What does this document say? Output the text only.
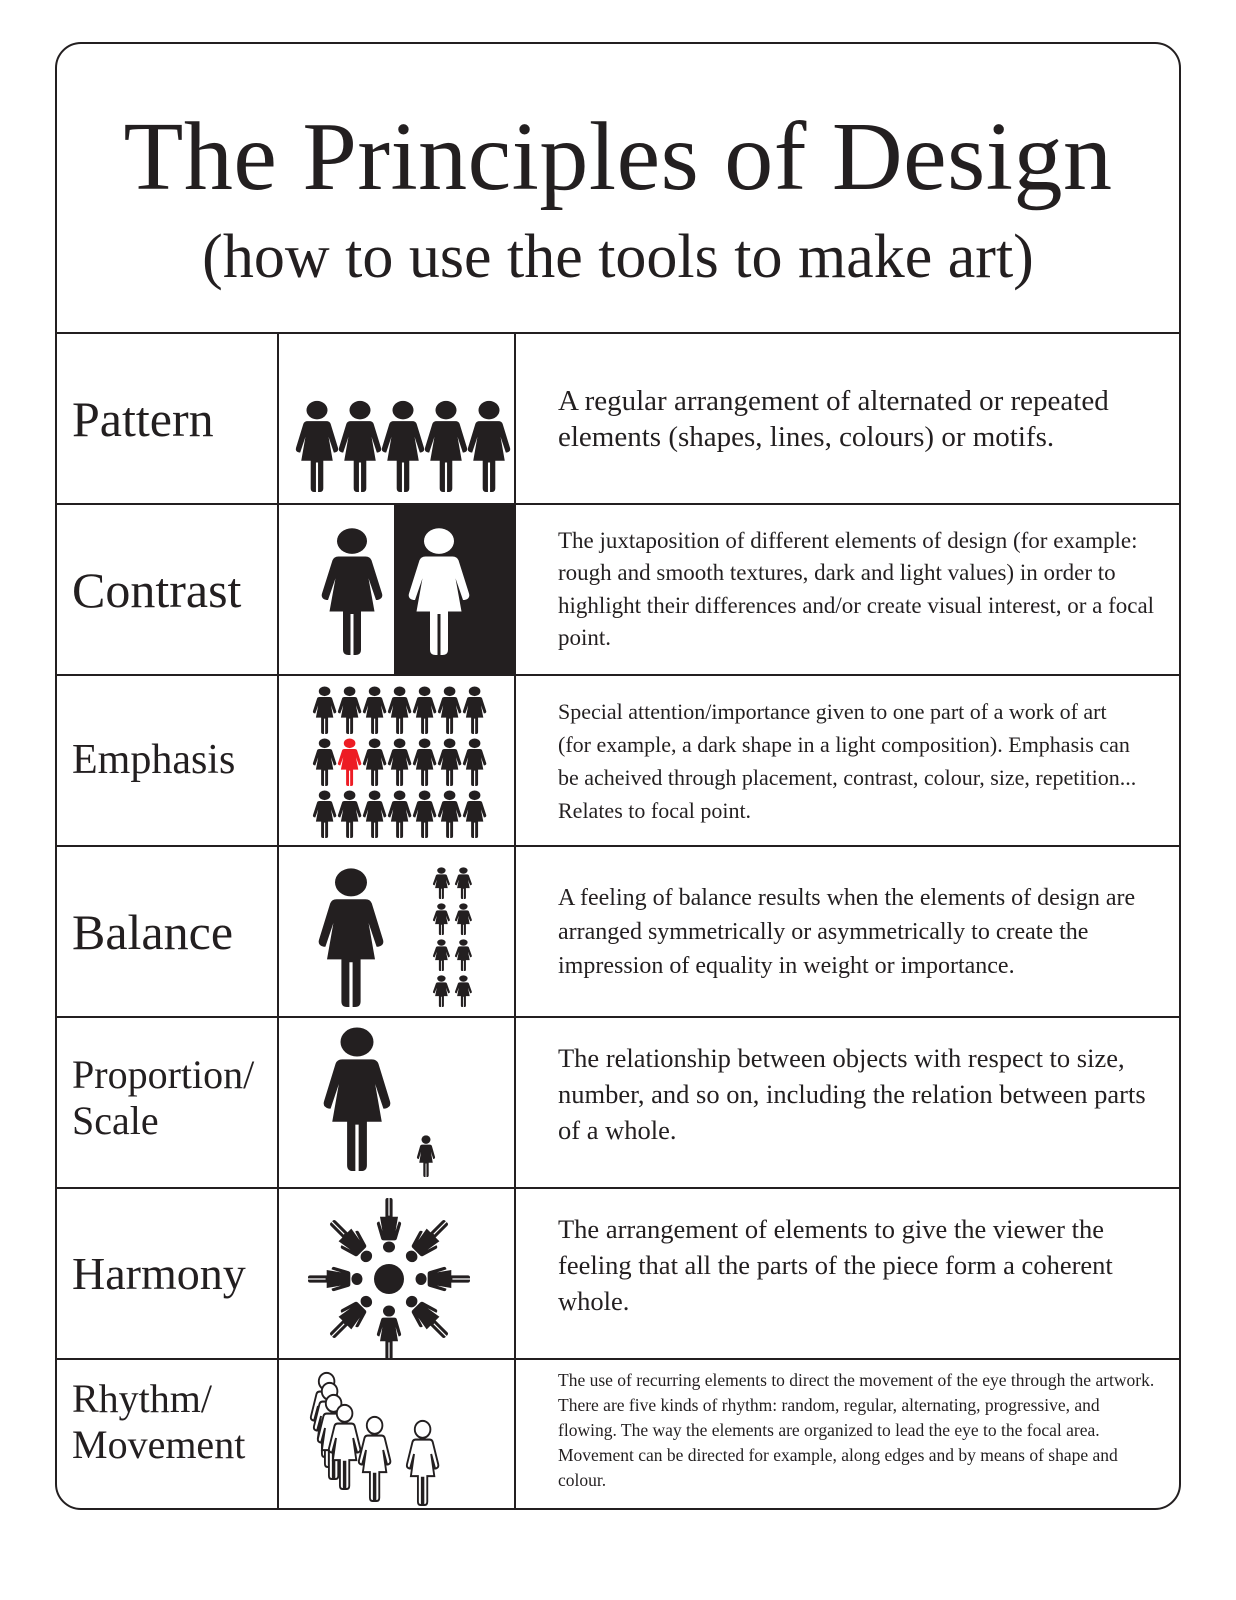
The Principles of Design
(how to use the tools to make art)
Pattern	A regular arrangement of alternated or repeated elements (shapes, lines, colours) or motifs.

Contrast

The juxtaposition of different elements of design (for example: rough and smooth textures, dark and light values) in order to highlight their differences and/or create visual interest, or a focal point.

Emphasis

Special attention/importance given to one part of a work of art (for example, a dark shape in a light composition). Emphasis can be acheived through placement, contrast, colour, size, repetition... Relates to focal point.

Balance

A feeling of balance results when the elements of design are arranged symmetrically or asymmetrically to create the impression of equality in weight or importance.

Proportion/
Scale

The relationship between objects with respect to size, number, and so on, including the relation between parts of a whole.

Harmony

The arrangement of elements to give the viewer the feeling that all the parts of the piece form a coherent whole.

Rhythm/
Movement

The use of recurring elements to direct the movement of the eye through the artwork. There are five kinds of rhythm: random, regular, alternating, progressive, and flowing. The way the elements are organized to lead the eye to the focal area. Movement can be directed for example, along edges and by means of shape and colour.
